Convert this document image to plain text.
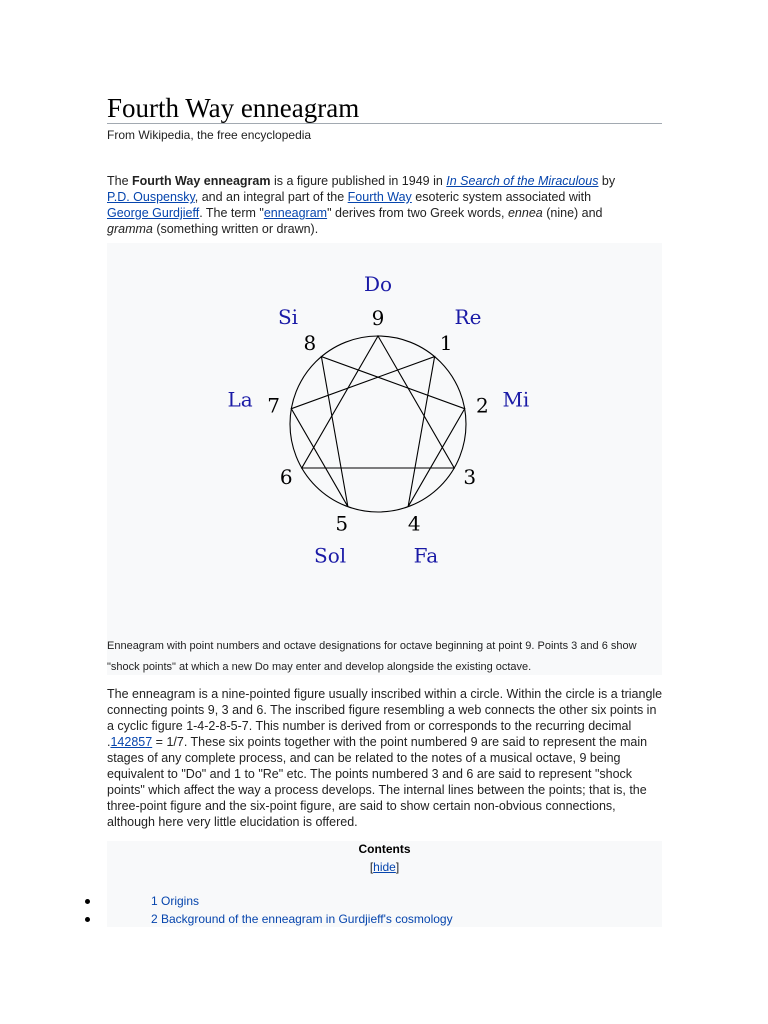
Fourth Way enneagram
From Wikipedia, the free encyclopedia

The Fourth Way enneagram is a figure published in 1949 in In Search of the Miraculous by P.D. Ouspensky, and an integral part of the Fourth Way esoteric system associated with George Gurdjieff. The term "enneagram" derives from two Greek words, ennea (nine) and gramma (something written or drawn).

9
Do
1
Re
2 Mi
3
4
Fa
5
Sol
6
7
La
8
Si
Enneagram with point numbers and octave designations for octave beginning at point 9. Points 3 and 6 show "shock points" at which a new Do may enter and develop alongside the existing octave.

The enneagram is a nine-pointed figure usually inscribed within a circle. Within the circle is a triangle connecting points 9, 3 and 6. The inscribed figure resembling a web connects the other six points in a cyclic figure 1-4-2-8-5-7. This number is derived from or corresponds to the recurring decimal .142857 = 1/7. These six points together with the point numbered 9 are said to represent the main stages of any complete process, and can be related to the notes of a musical octave, 9 being equivalent to "Do" and 1 to "Re" etc. The points numbered 3 and 6 are said to represent "shock points" which affect the way a process develops. The internal lines between the points; that is, the three-point figure and the six-point figure, are said to show certain non-obvious connections, although here very little elucidation is offered.

Contents
[hide]
1 Origins
2 Background of the enneagram in Gurdjieff's cosmology
